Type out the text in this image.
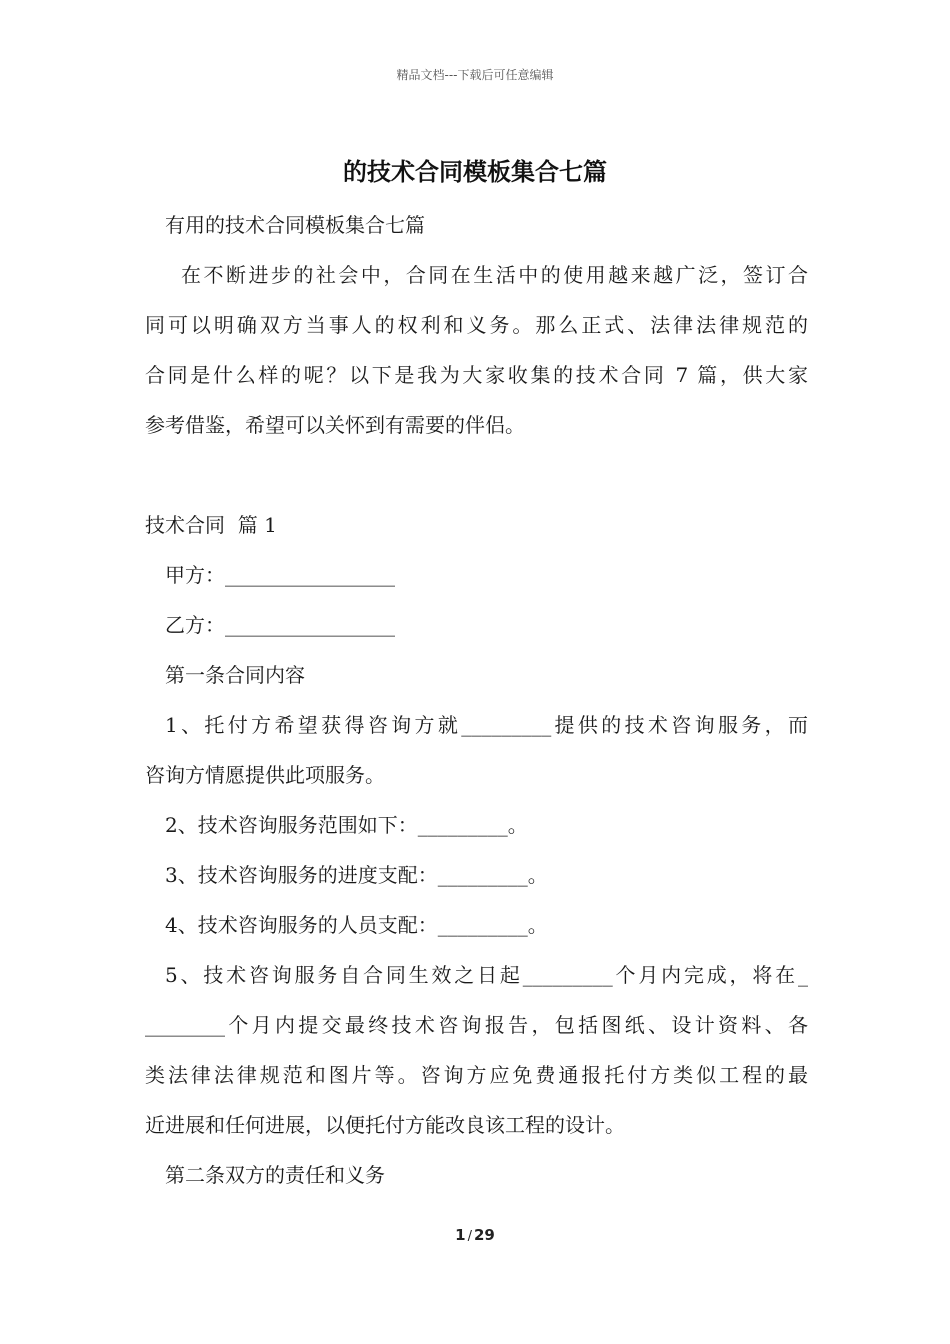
精品文档---下载后可任意编辑
的技术合同模板集合七篇
有用的技术合同模板集合七篇
在不断进步的社会中，合同在生活中的使用越来越广泛，签订合
同可以明确双方当事人的权利和义务。那么正式、法律法律规范的
合同是什么样的呢？以下是我为大家收集的技术合同 7 篇，供大家
参考借鉴，希望可以关怀到有需要的伴侣。
技术合同  篇 1
甲方：_________________
乙方：_________________
第一条合同内容
1、托付方希望获得咨询方就_________提供的技术咨询服务，而
咨询方情愿提供此项服务。
2、技术咨询服务范围如下：_________。
3、技术咨询服务的进度支配：_________。
4、技术咨询服务的人员支配：_________。
5、技术咨询服务自合同生效之日起_________个月内完成，将在_
________个月内提交最终技术咨询报告，包括图纸、设计资料、各
类法律法律规范和图片等。咨询方应免费通报托付方类似工程的最
近进展和任何进展，以便托付方能改良该工程的设计。
第二条双方的责任和义务
1 / 29
